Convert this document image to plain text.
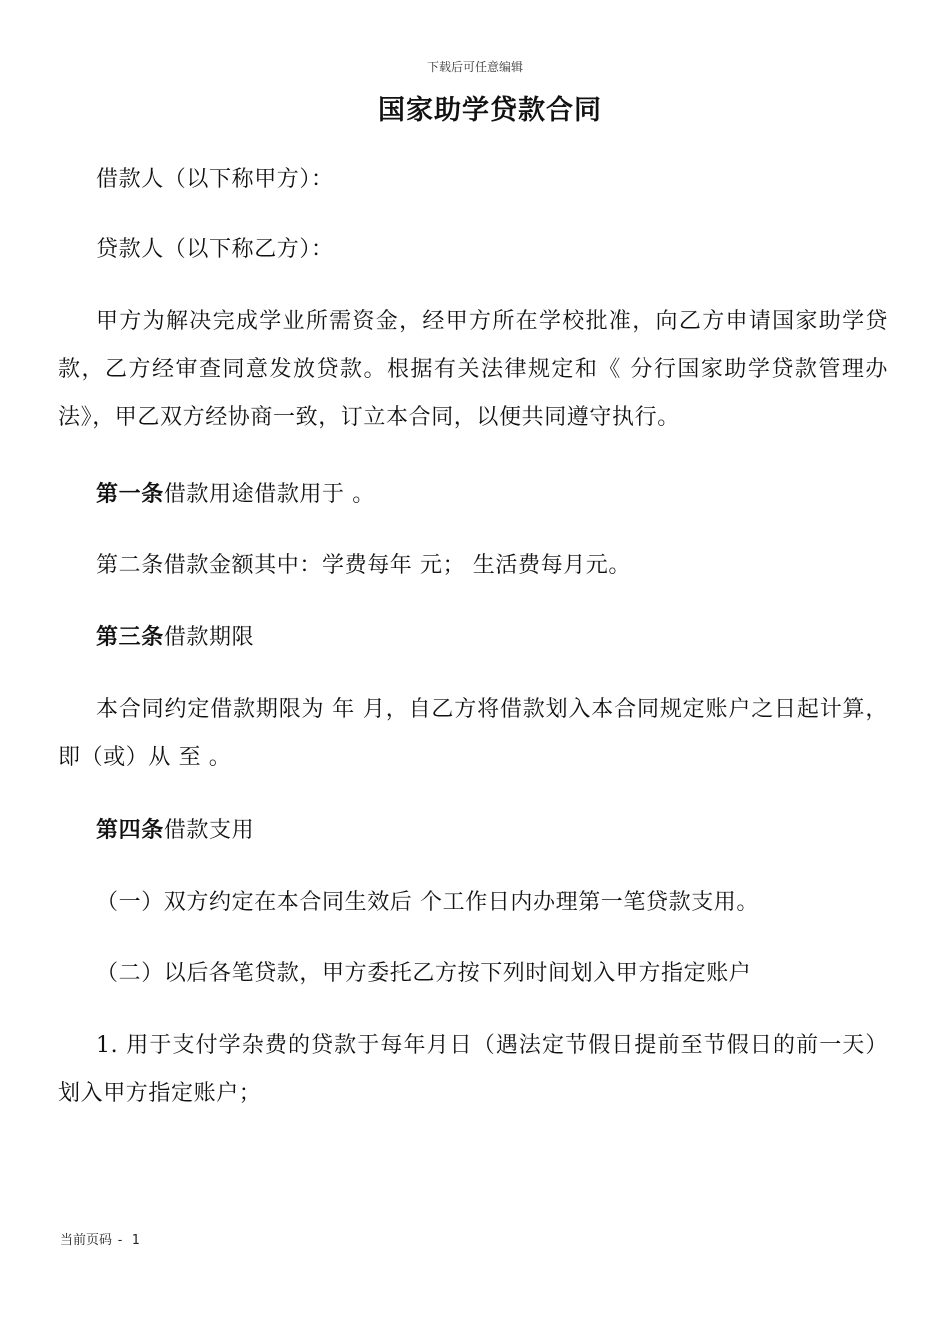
下载后可任意编辑
国家助学贷款合同

借款人（以下称甲方）：

贷款人（以下称乙方）：

甲方为解决完成学业所需资金，经甲方所在学校批准，向乙方申请国家助学贷款，乙方经审查同意发放贷款。根据有关法律规定和《 分行国家助学贷款管理办法》，甲乙双方经协商一致，订立本合同，以便共同遵守执行。

第一条借款用途借款用于 。

第二条借款金额其中：学费每年 元； 生活费每月元。

第三条借款期限

本合同约定借款期限为 年 月，自乙方将借款划入本合同规定账户之日起计算，即（或）从 至 。

第四条借款支用

（一）双方约定在本合同生效后 个工作日内办理第一笔贷款支用。

（二）以后各笔贷款，甲方委托乙方按下列时间划入甲方指定账户

1. 用于支付学杂费的贷款于每年月日（遇法定节假日提前至节假日的前一天）划入甲方指定账户；

当前页码 - 1
